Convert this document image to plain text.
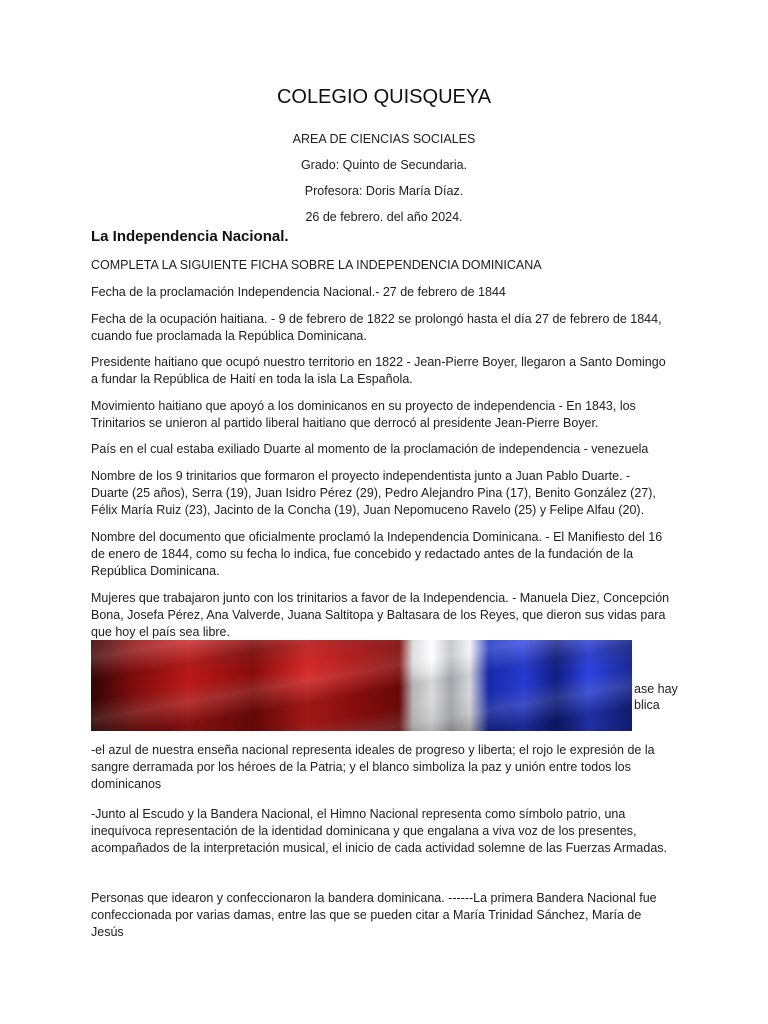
COLEGIO QUISQUEYA
AREA DE CIENCIAS SOCIALES
Grado: Quinto de Secundaria.
Profesora: Doris María Díaz.
26 de febrero. del año 2024.
La Independencia Nacional.

COMPLETA LA SIGUIENTE FICHA SOBRE LA INDEPENDENCIA DOMINICANA

Fecha de la proclamación Independencia Nacional.- 27 de febrero de 1844

Fecha de la ocupación haitiana. - 9 de febrero de 1822 se prolongó hasta el día 27 de febrero de 1844, cuando fue proclamada la República Dominicana.

Presidente haitiano que ocupó nuestro territorio en 1822 - Jean-Pierre Boyer, llegaron a Santo Domingo a fundar la República de Haití en toda la isla La Española.

Movimiento haitiano que apoyó a los dominicanos en su proyecto de independencia - En 1843, los Trinitarios se unieron al partido liberal haitiano que derrocó al presidente Jean-Pierre Boyer.

País en el cual estaba exiliado Duarte al momento de la proclamación de independencia - venezuela

Nombre de los 9 trinitarios que formaron el proyecto independentista junto a Juan Pablo Duarte. - Duarte (25 años), Serra (19), Juan Isidro Pérez (29), Pedro Alejandro Pina (17), Benito González (27), Félix María Ruiz (23), Jacinto de la Concha (19), Juan Nepomuceno Ravelo (25) y Felipe Alfau (20).

Nombre del documento que oficialmente proclamó la Independencia Dominicana. - El Manifiesto del 16 de enero de 1844, como su fecha lo indica, fue concebido y redactado antes de la fundación de la República Dominicana.

Mujeres que trabajaron junto con los trinitarios a favor de la Independencia. - Manuela Diez, Concepción Bona, Josefa Pérez, Ana Valverde, Juana Saltitopa y Baltasara de los Reyes, que dieron sus vidas para que hoy el país sea libre.

ase hay
blica

-el azul de nuestra enseña nacional representa ideales de progreso y liberta; el rojo le expresión de la sangre derramada por los héroes de la Patria; y el blanco simboliza la paz y unión entre todos los dominicanos

-Junto al Escudo y la Bandera Nacional, el Himno Nacional representa como símbolo patrio, una inequívoca representación de la identidad dominicana y que engalana a viva voz de los presentes, acompañados de la interpretación musical, el inicio de cada actividad solemne de las Fuerzas Armadas.

Personas que idearon y confeccionaron la bandera dominicana. ------La primera Bandera Nacional fue confeccionada por varias damas, entre las que se pueden citar a María Trinidad Sánchez, María de Jesús
